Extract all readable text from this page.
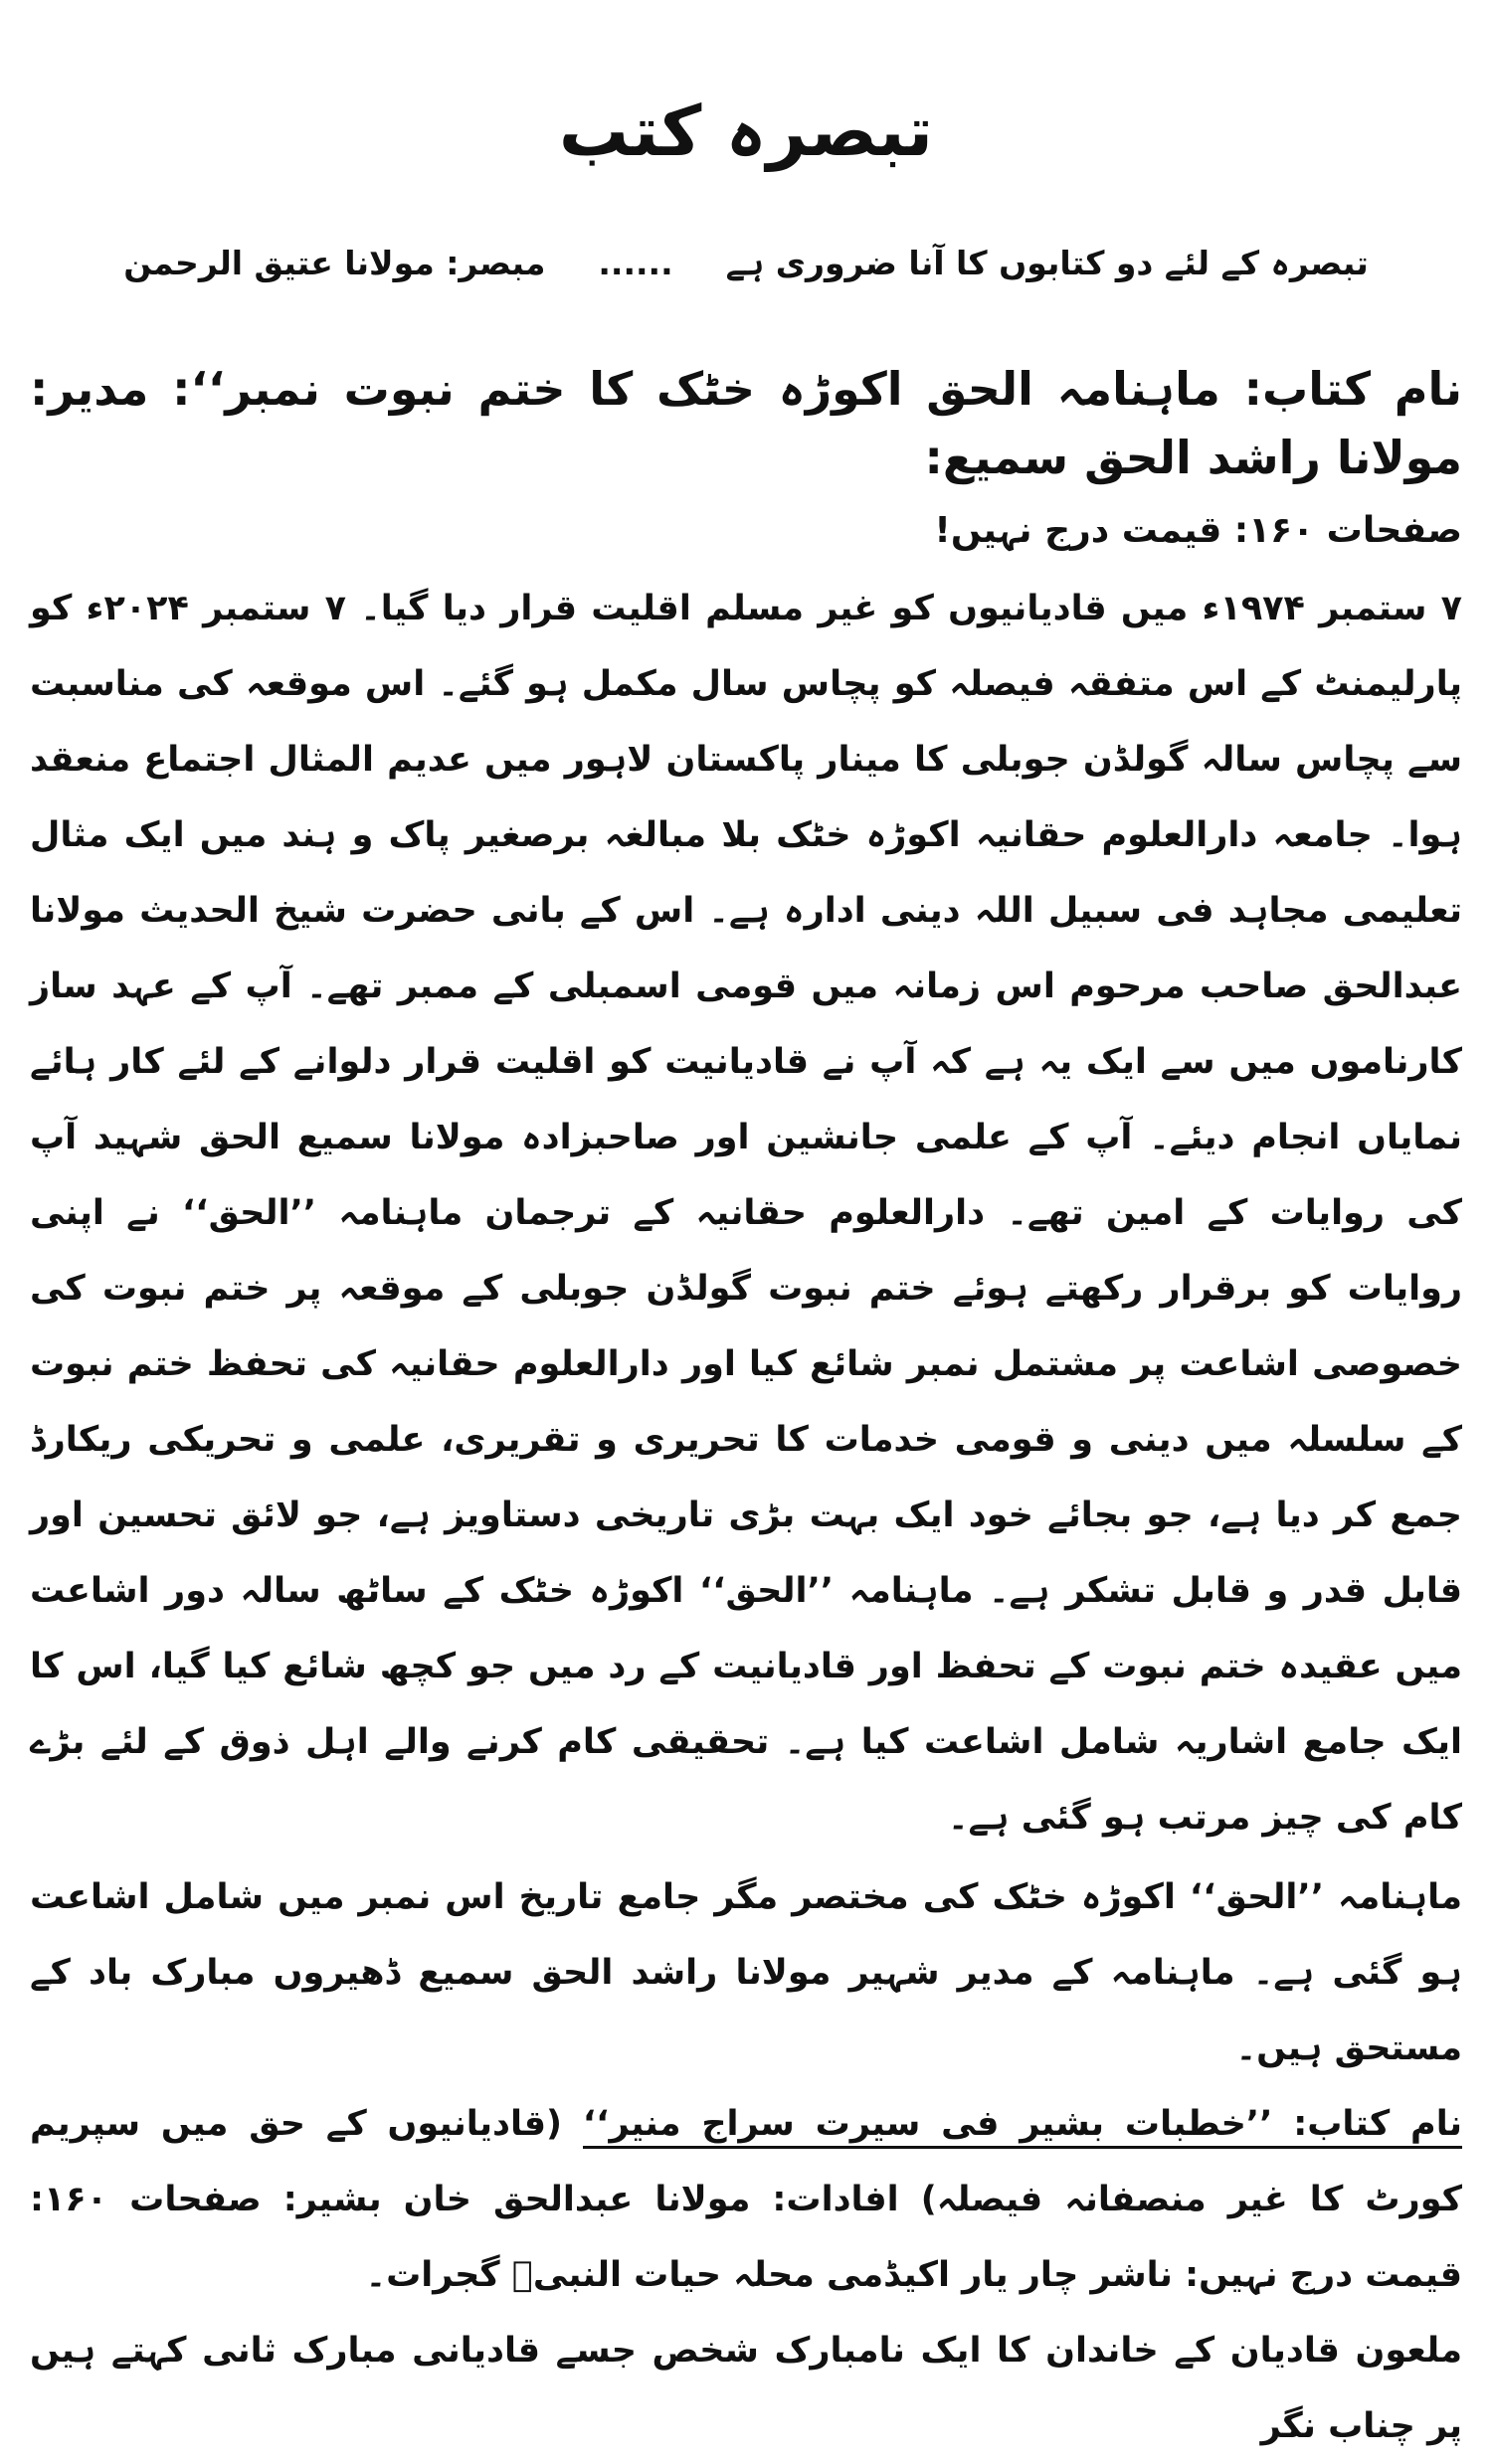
تبصرہ کتب
تبصرہ کے لئے دو کتابوں کا آنا ضروری ہے  ......  مبصر: مولانا عتیق الرحمن
نام کتاب: ماہنامہ الحق اکوڑہ خٹک کا ختم نبوت نمبر‘‘: مدیر: مولانا راشد الحق سمیع:
صفحات ۱۶۰: قیمت درج نہیں!

۷ ستمبر ۱۹۷۴ء میں قادیانیوں کو غیر مسلم اقلیت قرار دیا گیا۔ ۷ ستمبر ۲۰۲۴ء کو پارلیمنٹ کے اس متفقہ فیصلہ کو پچاس سال مکمل ہو گئے۔ اس موقعہ کی مناسبت سے پچاس سالہ گولڈن جوبلی کا مینار پاکستان لاہور میں عدیم المثال اجتماع منعقد ہوا۔ جامعہ دارالعلوم حقانیہ اکوڑہ خٹک بلا مبالغہ برصغیر پاک و ہند میں ایک مثال تعلیمی مجاہد فی سبیل اللہ دینی ادارہ ہے۔ اس کے بانی حضرت شیخ الحدیث مولانا عبدالحق صاحب مرحوم اس زمانہ میں قومی اسمبلی کے ممبر تھے۔ آپ کے عہد ساز کارناموں میں سے ایک یہ ہے کہ آپ نے قادیانیت کو اقلیت قرار دلوانے کے لئے کار ہائے نمایاں انجام دیئے۔ آپ کے علمی جانشین اور صاحبزادہ مولانا سمیع الحق شہید آپ کی روایات کے امین تھے۔ دارالعلوم حقانیہ کے ترجمان ماہنامہ ’’الحق‘‘ نے اپنی روایات کو برقرار رکھتے ہوئے ختم نبوت گولڈن جوبلی کے موقعہ پر ختم نبوت کی خصوصی اشاعت پر مشتمل نمبر شائع کیا اور دارالعلوم حقانیہ کی تحفظ ختم نبوت کے سلسلہ میں دینی و قومی خدمات کا تحریری و تقریری، علمی و تحریکی ریکارڈ جمع کر دیا ہے، جو بجائے خود ایک بہت بڑی تاریخی دستاویز ہے، جو لائق تحسین اور قابل قدر و قابل تشکر ہے۔ ماہنامہ ’’الحق‘‘ اکوڑہ خٹک کے ساٹھ سالہ دور اشاعت میں عقیدہ ختم نبوت کے تحفظ اور قادیانیت کے رد میں جو کچھ شائع کیا گیا، اس کا ایک جامع اشاریہ شامل اشاعت کیا ہے۔ تحقیقی کام کرنے والے اہل ذوق کے لئے بڑے کام کی چیز مرتب ہو گئی ہے۔

ماہنامہ ’’الحق‘‘ اکوڑہ خٹک کی مختصر مگر جامع تاریخ اس نمبر میں شامل اشاعت ہو گئی ہے۔ ماہنامہ کے مدیر شہیر مولانا راشد الحق سمیع ڈھیروں مبارک باد کے مستحق ہیں۔

نام کتاب: ’’خطبات بشیر فی سیرت سراج منیر‘‘ (قادیانیوں کے حق میں سپریم کورٹ کا غیر منصفانہ فیصلہ) افادات: مولانا عبدالحق خان بشیر: صفحات ۱۶۰: قیمت درج نہیں: ناشر چار یار اکیڈمی محلہ حیات النبیؐ گجرات۔

ملعون قادیان کے خاندان کا ایک نامبارک شخص جسے قادیانی مبارک ثانی کہتے ہیں پر چناب نگر
